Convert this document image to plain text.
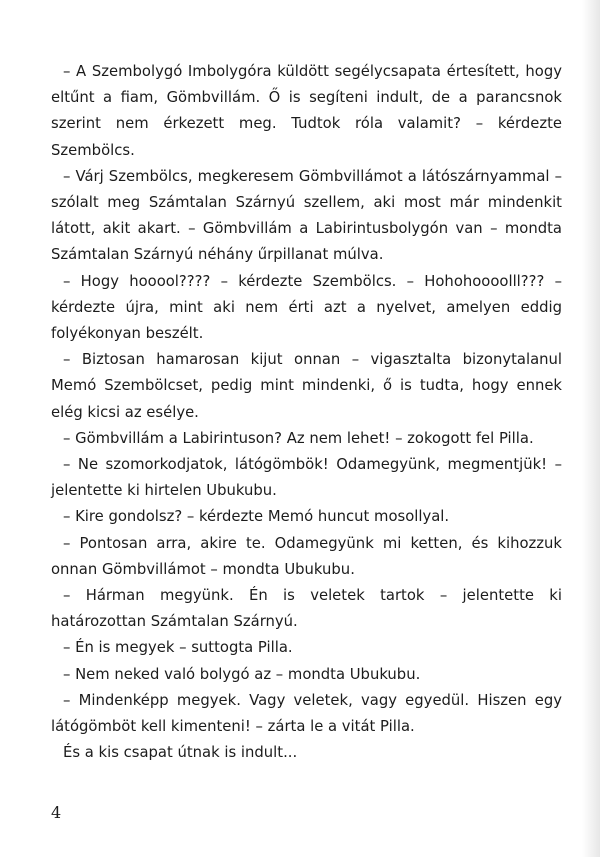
– A Szembolygó Imbolygóra küldött segélycsapata értesített, hogy eltűnt a fiam, Gömbvillám. Ő is segíteni indult, de a parancsnok szerint nem érkezett meg. Tudtok róla valamit? – kérdezte Szembölcs.

– Várj Szembölcs, megkeresem Gömbvillámot a látószárnyammal – szólalt meg Számtalan Szárnyú szellem, aki most már mindenkit látott, akit akart. – Gömbvillám a Labirintusbolygón van – mondta Számtalan Szárnyú néhány űrpillanat múlva.

– Hogy hooool???? – kérdezte Szembölcs. – Hohohoooolll??? – kérdezte újra, mint aki nem érti azt a nyelvet, amelyen eddig folyékonyan beszélt.

– Biztosan hamarosan kijut onnan – vigasztalta bizonytalanul Memó Szembölcset, pedig mint mindenki, ő is tudta, hogy ennek elég kicsi az esélye.

– Gömbvillám a Labirintuson? Az nem lehet! – zokogott fel Pilla.

– Ne szomorkodjatok, látógömbök! Odamegyünk, megmentjük! – jelentette ki hirtelen Ubukubu.

– Kire gondolsz? – kérdezte Memó huncut mosollyal.

– Pontosan arra, akire te. Odamegyünk mi ketten, és kihozzuk onnan Gömbvillámot – mondta Ubukubu.

– Hárman megyünk. Én is veletek tartok – jelentette ki határozottan Számtalan Szárnyú.

– Én is megyek – suttogta Pilla.

– Nem neked való bolygó az – mondta Ubukubu.

– Mindenképp megyek. Vagy veletek, vagy egyedül. Hiszen egy látógömböt kell kimenteni! – zárta le a vitát Pilla.

És a kis csapat útnak is indult...

4
